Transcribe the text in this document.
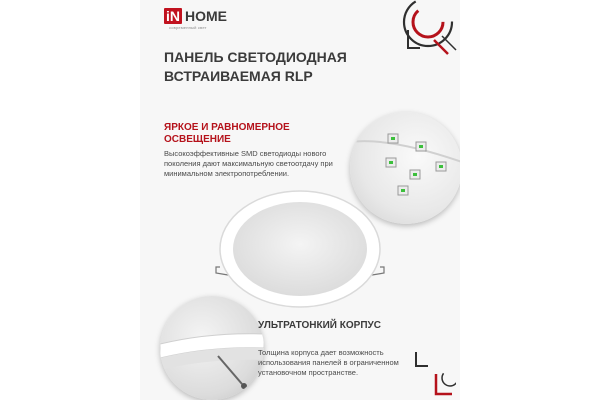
iN HOME
современный свет
ПАНЕЛЬ СВЕТОДИОДНАЯ ВСТРАИВАЕМАЯ RLP
ЯРКОЕ И РАВНОМЕРНОЕ ОСВЕЩЕНИЕ
Высокоэффективные SMD светодиоды нового поколения дают максимальную светоотдачу при минимальном электропотреблении.
УЛЬТРАТОНКИЙ КОРПУС
Толщина корпуса дает возможность использования панелей в ограниченном установочном пространстве.
